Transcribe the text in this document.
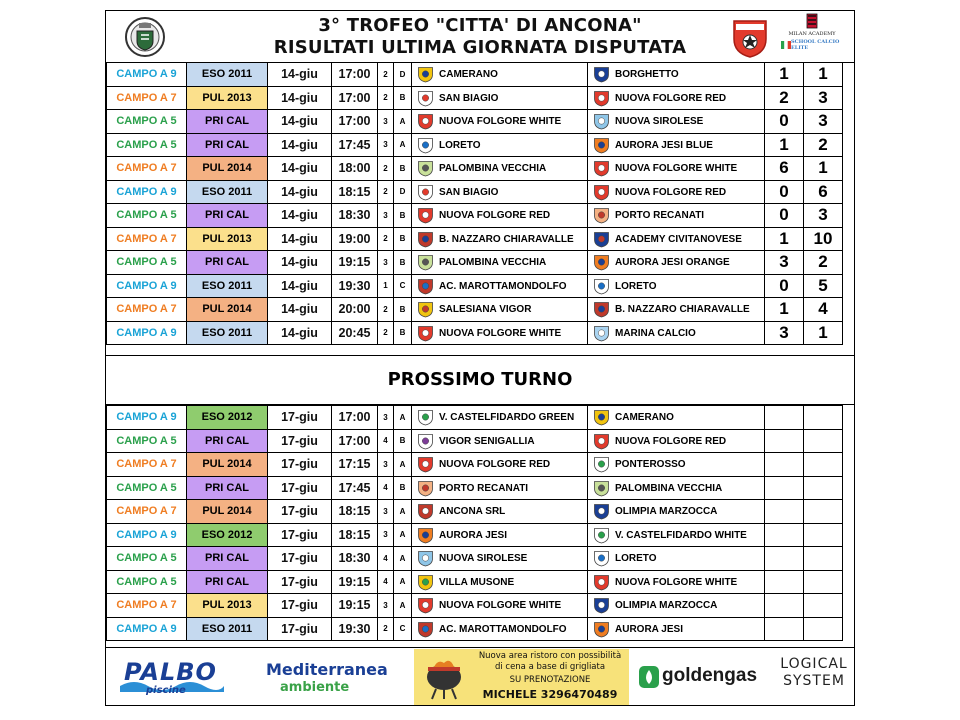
3° TROFEO "CITTA' DI ANCONA"
RISULTATI ULTIMA GIORNATA DISPUTATA
MILAN ACADEMY
SCHOOL CALCIO ELITE
CAMPO A 9	ESO 2011	14-giu	17:00	2	D	CAMERANO	BORGHETTO	1	1
CAMPO A 7	PUL 2013	14-giu	17:00	2	B	SAN BIAGIO	NUOVA FOLGORE RED	2	3
CAMPO A 5	PRI CAL	14-giu	17:00	3	A	NUOVA FOLGORE WHITE	NUOVA SIROLESE	0	3
CAMPO A 5	PRI CAL	14-giu	17:45	3	A	LORETO	AURORA JESI BLUE	1	2
CAMPO A 7	PUL 2014	14-giu	18:00	2	B	PALOMBINA VECCHIA	NUOVA FOLGORE WHITE	6	1
CAMPO A 9	ESO 2011	14-giu	18:15	2	D	SAN BIAGIO	NUOVA FOLGORE RED	0	6
CAMPO A 5	PRI CAL	14-giu	18:30	3	B	NUOVA FOLGORE RED	PORTO RECANATI	0	3
CAMPO A 7	PUL 2013	14-giu	19:00	2	B	B. NAZZARO CHIARAVALLE	ACADEMY CIVITANOVESE	1	10
CAMPO A 5	PRI CAL	14-giu	19:15	3	B	PALOMBINA VECCHIA	AURORA JESI ORANGE	3	2
CAMPO A 9	ESO 2011	14-giu	19:30	1	C	AC. MAROTTAMONDOLFO	LORETO	0	5
CAMPO A 7	PUL 2014	14-giu	20:00	2	B	SALESIANA VIGOR	B. NAZZARO CHIARAVALLE	1	4
CAMPO A 9	ESO 2011	14-giu	20:45	2	B	NUOVA FOLGORE WHITE	MARINA CALCIO	3	1
PROSSIMO TURNO
CAMPO A 9	ESO 2012	17-giu	17:00	3	A	V. CASTELFIDARDO GREEN	CAMERANO		

CAMPO A 5	PRI CAL	17-giu	17:00	4	B	VIGOR SENIGALLIA	NUOVA FOLGORE RED		

CAMPO A 7	PUL 2014	17-giu	17:15	3	A	NUOVA FOLGORE RED	PONTEROSSO		

CAMPO A 5	PRI CAL	17-giu	17:45	4	B	PORTO RECANATI	PALOMBINA VECCHIA		

CAMPO A 7	PUL 2014	17-giu	18:15	3	A	ANCONA SRL	OLIMPIA MARZOCCA		

CAMPO A 9	ESO 2012	17-giu	18:15	3	A	AURORA JESI	V. CASTELFIDARDO WHITE		

CAMPO A 5	PRI CAL	17-giu	18:30	4	A	NUOVA SIROLESE	LORETO		

CAMPO A 5	PRI CAL	17-giu	19:15	4	A	VILLA MUSONE	NUOVA FOLGORE WHITE		

CAMPO A 7	PUL 2013	17-giu	19:15	3	A	NUOVA FOLGORE WHITE	OLIMPIA MARZOCCA		

CAMPO A 9	ESO 2011	17-giu	19:30	2	C	AC. MAROTTAMONDOLFO	AURORA JESI		

PALBO
piscine
Mediterranea
ambiente
Nuova area ristoro con possibilità di cena a base di grigliata
SU PRENOTAZIONE
MICHELE 3296470489
goldengas
LOGICAL
SYSTEM
